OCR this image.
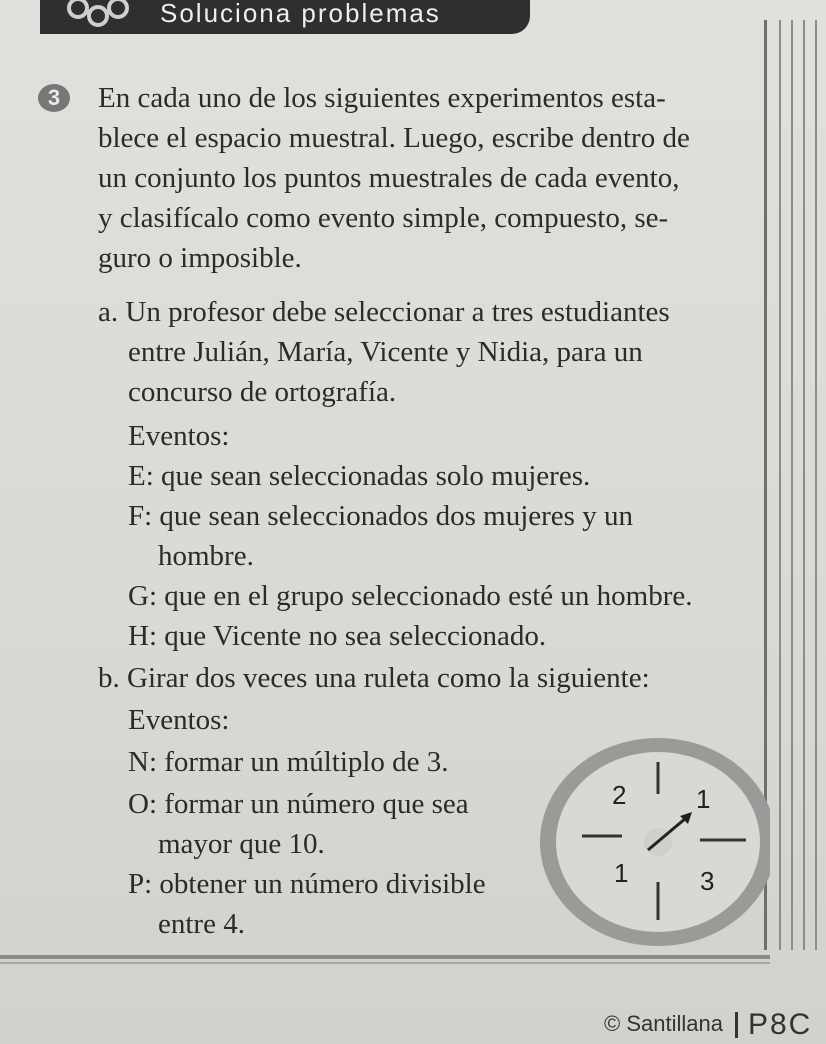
Soluciona problemas
3	En cada uno de los siguientes experimentos esta-
blece el espacio muestral. Luego, escribe dentro de
un conjunto los puntos muestrales de cada evento,
y clasifícalo como evento simple, compuesto, se-
guro o imposible.
a. Un profesor debe seleccionar a tres estudiantes
entre Julián, María, Vicente y Nidia, para un
concurso de ortografía.
Eventos:
E: que sean seleccionadas solo mujeres.
F: que sean seleccionados dos mujeres y un
hombre.
G: que en el grupo seleccionado esté un hombre.
H: que Vicente no sea seleccionado.
b. Girar dos veces una ruleta como la siguiente:
Eventos:
N: formar un múltiplo de 3.
O: formar un número que sea
mayor que 10.
P: obtener un número divisible
entre 4.
2	1
1	3
© Santillana P8C
